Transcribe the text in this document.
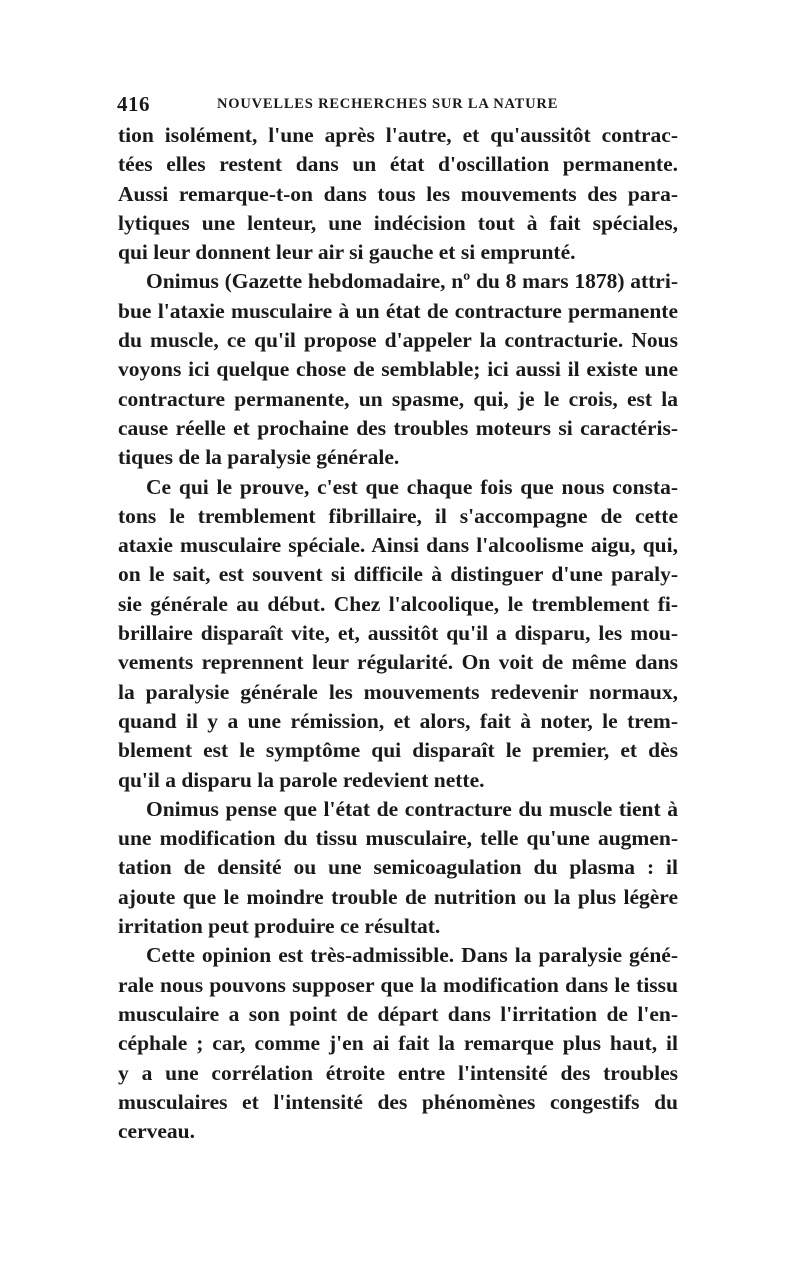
416	NOUVELLES RECHERCHES SUR LA NATURE
tion isolément, l'une après l'autre, et qu'aussitôt contrac-
tées elles restent dans un état d'oscillation permanente.
Aussi remarque-t-on dans tous les mouvements des para-
lytiques une lenteur, une indécision tout à fait spéciales,
qui leur donnent leur air si gauche et si emprunté.
Onimus (Gazette hebdomadaire, nº du 8 mars 1878) attri-
bue l'ataxie musculaire à un état de contracture permanente
du muscle, ce qu'il propose d'appeler la contracturie. Nous
voyons ici quelque chose de semblable; ici aussi il existe une
contracture permanente, un spasme, qui, je le crois, est la
cause réelle et prochaine des troubles moteurs si caractéris-
tiques de la paralysie générale.
Ce qui le prouve, c'est que chaque fois que nous consta-
tons le tremblement fibrillaire, il s'accompagne de cette
ataxie musculaire spéciale. Ainsi dans l'alcoolisme aigu, qui,
on le sait, est souvent si difficile à distinguer d'une paraly-
sie générale au début. Chez l'alcoolique, le tremblement fi-
brillaire disparaît vite, et, aussitôt qu'il a disparu, les mou-
vements reprennent leur régularité. On voit de même dans
la paralysie générale les mouvements redevenir normaux,
quand il y a une rémission, et alors, fait à noter, le trem-
blement est le symptôme qui disparaît le premier, et dès
qu'il a disparu la parole redevient nette.
Onimus pense que l'état de contracture du muscle tient à
une modification du tissu musculaire, telle qu'une augmen-
tation de densité ou une semicoagulation du plasma : il
ajoute que le moindre trouble de nutrition ou la plus légère
irritation peut produire ce résultat.
Cette opinion est très-admissible. Dans la paralysie géné-
rale nous pouvons supposer que la modification dans le tissu
musculaire a son point de départ dans l'irritation de l'en-
céphale ; car, comme j'en ai fait la remarque plus haut, il
y a une corrélation étroite entre l'intensité des troubles
musculaires et l'intensité des phénomènes congestifs du
cerveau.
